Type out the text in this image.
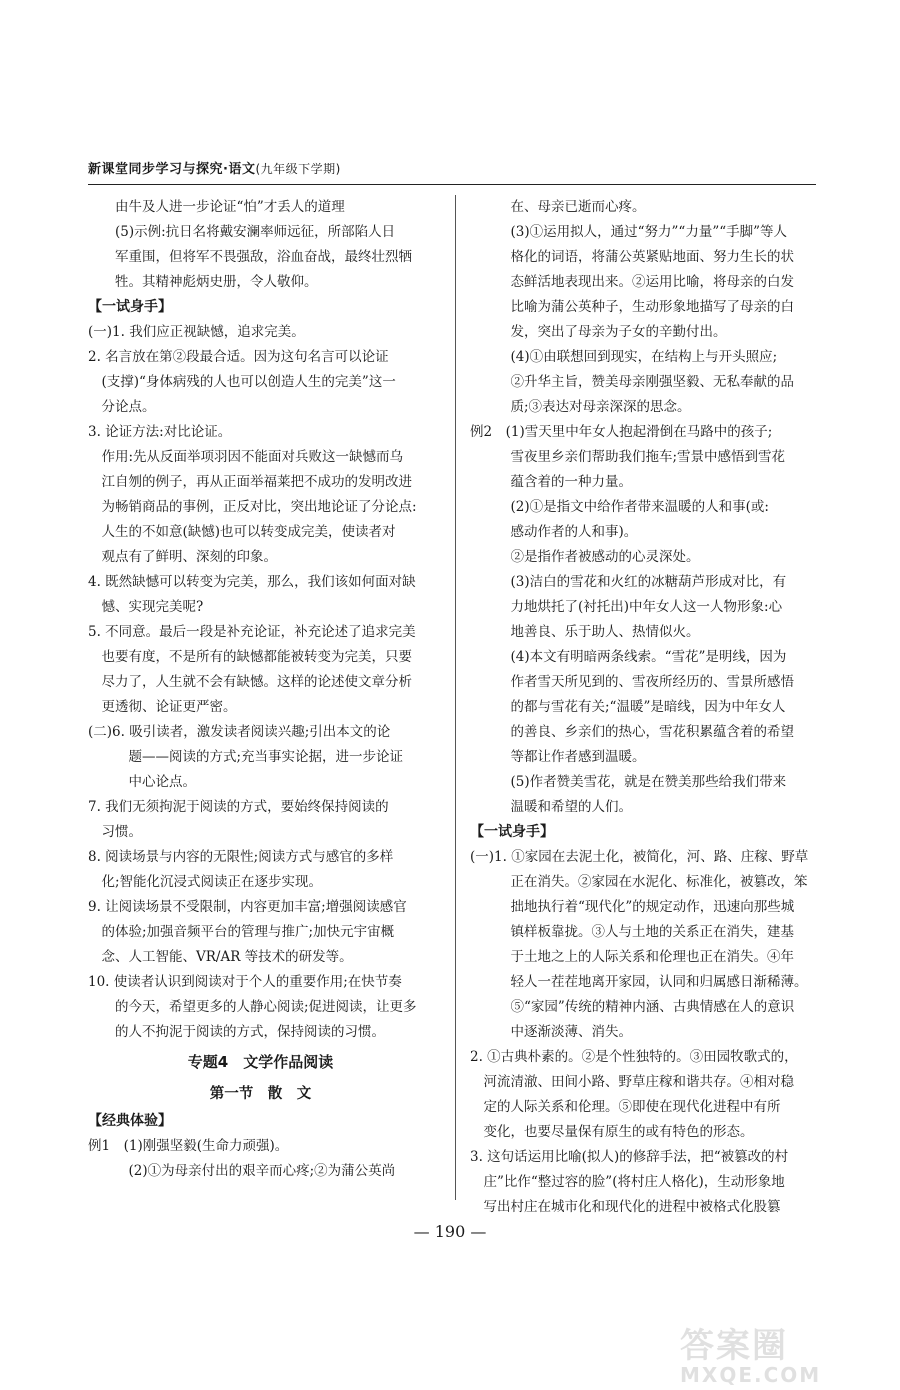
新课堂同步学习与探究·语文(九年级下学期)
　　由牛及人进一步论证“怕”才丢人的道理
　　(5)示例:抗日名将戴安澜率师远征，所部陷人日
　　军重围，但将军不畏强敌，浴血奋战，最终壮烈牺
　　牲。其精神彪炳史册，令人敬仰。
【一试身手】
(一)1. 我们应正视缺憾，追求完美。
2. 名言放在第②段最合适。因为这句名言可以论证
　(支撑)“身体病残的人也可以创造人生的完美”这一
　分论点。
3. 论证方法:对比论证。
　作用:先从反面举项羽因不能面对兵败这一缺憾而乌
　江自刎的例子，再从正面举福莱把不成功的发明改进
　为畅销商品的事例，正反对比，突出地论证了分论点:
　人生的不如意(缺憾)也可以转变成完美，使读者对
　观点有了鲜明、深刻的印象。
4. 既然缺憾可以转变为完美，那么，我们该如何面对缺
　憾、实现完美呢?
5. 不同意。最后一段是补充论证，补充论述了追求完美
　也要有度，不是所有的缺憾都能被转变为完美，只要
　尽力了，人生就不会有缺憾。这样的论述使文章分析
　更透彻、论证更严密。
(二)6. 吸引读者，激发读者阅读兴趣;引出本文的论
　　　题——阅读的方式;充当事实论据，进一步论证
　　　中心论点。
7. 我们无须拘泥于阅读的方式，要始终保持阅读的
　习惯。
8. 阅读场景与内容的无限性;阅读方式与感官的多样
　化;智能化沉浸式阅读正在逐步实现。
9. 让阅读场景不受限制，内容更加丰富;增强阅读感官
　的体验;加强音频平台的管理与推广;加快元宇宙概
　念、人工智能、VR/AR 等技术的研发等。
10. 使读者认识到阅读对于个人的重要作用;在快节奏
　　的今天，希望更多的人静心阅读;促进阅读，让更多
　　的人不拘泥于阅读的方式，保持阅读的习惯。
专题4　文学作品阅读
第一节　散　文
【经典体验】
例1　(1)刚强坚毅(生命力顽强)。
　　　(2)①为母亲付出的艰辛而心疼;②为蒲公英尚
　　　在、母亲已逝而心疼。
　　　(3)①运用拟人，通过“努力”“力量”“手脚”等人
　　　格化的词语，将蒲公英紧贴地面、努力生长的状
　　　态鲜活地表现出来。②运用比喻，将母亲的白发
　　　比喻为蒲公英种子，生动形象地描写了母亲的白
　　　发，突出了母亲为子女的辛勤付出。
　　　(4)①由联想回到现实，在结构上与开头照应;
　　　②升华主旨，赞美母亲刚强坚毅、无私奉献的品
　　　质;③表达对母亲深深的思念。
例2　(1)雪天里中年女人抱起滑倒在马路中的孩子;
　　　雪夜里乡亲们帮助我们拖车;雪景中感悟到雪花
　　　蕴含着的一种力量。
　　　(2)①是指文中给作者带来温暖的人和事(或:
　　　感动作者的人和事)。
　　　②是指作者被感动的心灵深处。
　　　(3)洁白的雪花和火红的冰糖葫芦形成对比，有
　　　力地烘托了(衬托出)中年女人这一人物形象:心
　　　地善良、乐于助人、热情似火。
　　　(4)本文有明暗两条线索。“雪花”是明线，因为
　　　作者雪天所见到的、雪夜所经历的、雪景所感悟
　　　的都与雪花有关;“温暖”是暗线，因为中年女人
　　　的善良、乡亲们的热心，雪花积累蕴含着的希望
　　　等都让作者感到温暖。
　　　(5)作者赞美雪花，就是在赞美那些给我们带来
　　　温暖和希望的人们。
【一试身手】
(一)1. ①家园在去泥土化，被简化，河、路、庄稼、野草
　　　正在消失。②家园在水泥化、标准化，被篡改，笨
　　　拙地执行着“现代化”的规定动作，迅速向那些城
　　　镇样板靠拢。③人与土地的关系正在消失，建基
　　　于土地之上的人际关系和伦理也正在消失。④年
　　　轻人一茬茬地离开家园，认同和归属感日渐稀薄。
　　　⑤“家园”传统的精神内涵、古典情感在人的意识
　　　中逐渐淡薄、消失。
2. ①古典朴素的。②是个性独特的。③田园牧歌式的，
　河流清澈、田间小路、野草庄稼和谐共存。④相对稳
　定的人际关系和伦理。⑤即使在现代化进程中有所
　变化，也要尽量保有原生的或有特色的形态。
3. 这句话运用比喻(拟人)的修辞手法，把“被篡改的村
　庄”比作“整过容的脸”(将村庄人格化)，生动形象地
　写出村庄在城市化和现代化的进程中被格式化股篡
— 190 —
答案圈
MXQE.COM
